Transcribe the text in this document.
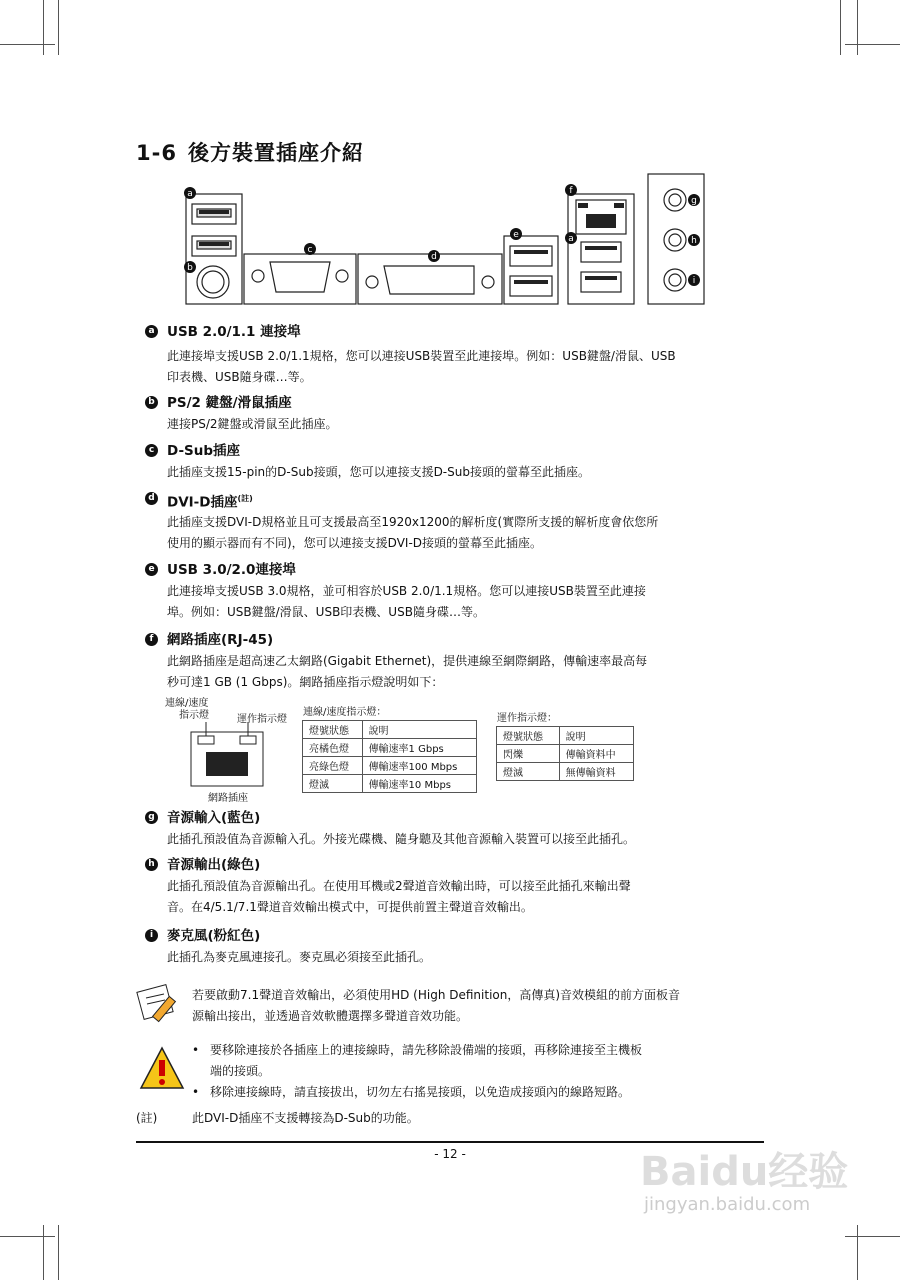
1-6 後方裝置插座介紹
a
b
c
d
e
f
a
g
h
i
a USB 2.0/1.1 連接埠
此連接埠支援USB 2.0/1.1規格，您可以連接USB裝置至此連接埠。例如：USB鍵盤/滑鼠、USB
印表機、USB隨身碟…等。
b PS/2 鍵盤/滑鼠插座
連接PS/2鍵盤或滑鼠至此插座。
c D-Sub插座
此插座支援15-pin的D-Sub接頭，您可以連接支援D-Sub接頭的螢幕至此插座。
d DVI-D插座$^{(註)}$
此插座支援DVI-D規格並且可支援最高至1920x1200的解析度(實際所支援的解析度會依您所
使用的顯示器而有不同)，您可以連接支援DVI-D接頭的螢幕至此插座。
e USB 3.0/2.0連接埠
此連接埠支援USB 3.0規格，並可相容於USB 2.0/1.1規格。您可以連接USB裝置至此連接
埠。例如：USB鍵盤/滑鼠、USB印表機、USB隨身碟…等。
f	網路插座(RJ-45)
此網路插座是超高速乙太網路(Gigabit Ethernet)，提供連線至網際網路，傳輸速率最高每
秒可達1 GB (1 Gbps)。網路插座指示燈說明如下：
連線/速度
指示燈	運作指示燈
網路插座
連線/速度指示燈：
燈號狀態	說明
亮橘色燈	傳輸速率1 Gbps
亮綠色燈	傳輸速率100 Mbps
燈滅	傳輸速率10 Mbps
運作指示燈：
燈號狀態	說明
閃爍	傳輸資料中
燈滅	無傳輸資料
g 音源輸入(藍色)
此插孔預設值為音源輸入孔。外接光碟機、隨身聽及其他音源輸入裝置可以接至此插孔。
h 音源輸出(綠色)
此插孔預設值為音源輸出孔。在使用耳機或2聲道音效輸出時，可以接至此插孔來輸出聲
音。在4/5.1/7.1聲道音效輸出模式中，可提供前置主聲道音效輸出。
i	麥克風(粉紅色)
此插孔為麥克風連接孔。麥克風必須接至此插孔。
若要啟動7.1聲道音效輸出，必須使用HD (High Definition，高傳真)音效模組的前方面板音
源輸出接出，並透過音效軟體選擇多聲道音效功能。
• 要移除連接於各插座上的連接線時，請先移除設備端的接頭，再移除連接至主機板
端的接頭。
• 移除連接線時，請直接拔出，切勿左右搖晃接頭，以免造成接頭內的線路短路。
(註)	此DVI-D插座不支援轉接為D-Sub的功能。
- 12 -	Baidu经验
jingyan.baidu.com
